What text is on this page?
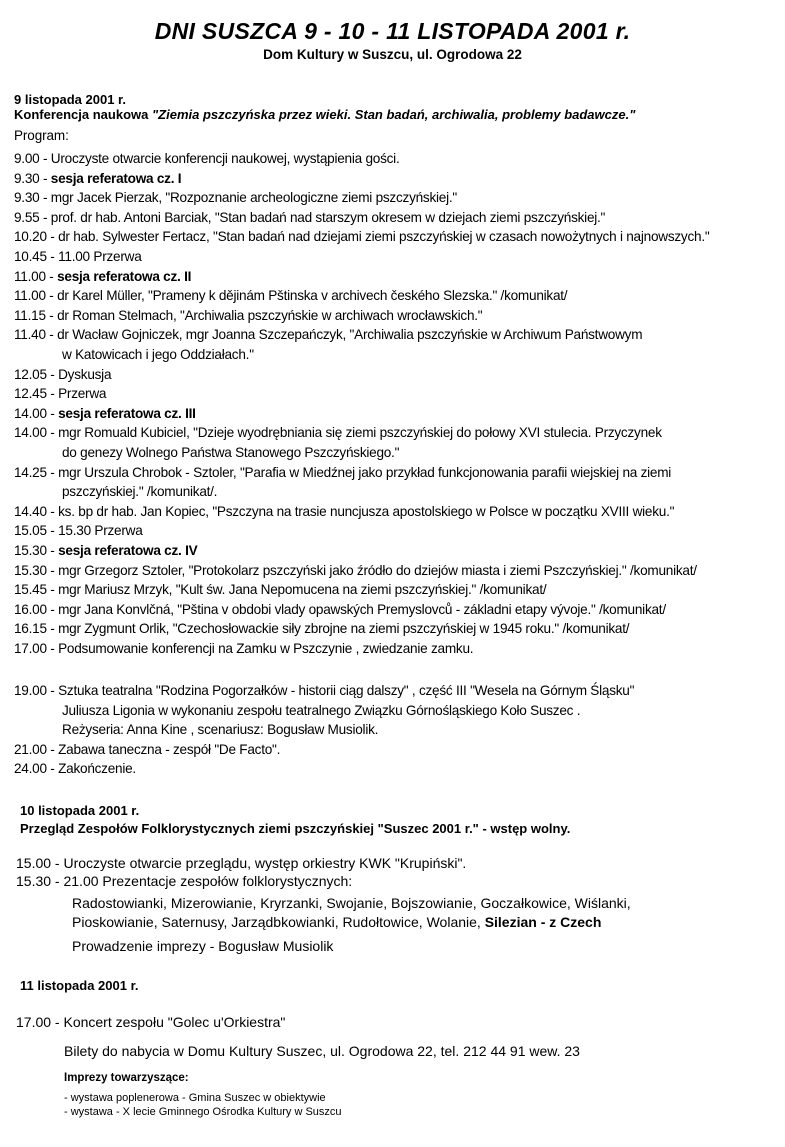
DNI SUSZCA 9 - 10 - 11 LISTOPADA 2001 r.
Dom Kultury w Suszcu, ul. Ogrodowa 22
9 listopada 2001 r.
Konferencja naukowa "Ziemia pszczyńska przez wieki. Stan badań, archiwalia, problemy badawcze."
Program:
9.00 - Uroczyste otwarcie konferencji naukowej, wystąpienia gości.
9.30 - sesja referatowa cz. I
9.30 - mgr Jacek Pierzak, "Rozpoznanie archeologiczne ziemi pszczyńskiej."
9.55 - prof. dr hab. Antoni Barciak, "Stan badań nad starszym okresem w dziejach ziemi pszczyńskiej."
10.20 - dr hab. Sylwester Fertacz, "Stan badań nad dziejami ziemi pszczyńskiej w czasach nowożytnych i najnowszych."
10.45 - 11.00 Przerwa
11.00 - sesja referatowa cz. II
11.00 - dr Karel Müller, "Prameny k dějinám Pštinska v archivech českého Slezska." /komunikat/
11.15 - dr Roman Stelmach, "Archiwalia pszczyńskie w archiwach wrocławskich."
11.40 - dr Wacław Gojniczek, mgr Joanna Szczepańczyk, "Archiwalia pszczyńskie w Archiwum Państwowym
w Katowicach i jego Oddziałach."
12.05 - Dyskusja
12.45 - Przerwa
14.00 - sesja referatowa cz. III
14.00 - mgr Romuald Kubiciel, "Dzieje wyodrębniania się ziemi pszczyńskiej do połowy XVI stulecia. Przyczynek
do genezy Wolnego Państwa Stanowego Pszczyńskiego."
14.25 - mgr Urszula Chrobok - Sztoler, "Parafia w Miedźnej jako przykład funkcjonowania parafii wiejskiej na ziemi
pszczyńskiej." /komunikat/.
14.40 - ks. bp dr hab. Jan Kopiec, "Pszczyna na trasie nuncjusza apostolskiego w Polsce w początku XVIII wieku."
15.05 - 15.30 Przerwa
15.30 - sesja referatowa cz. IV
15.30 - mgr Grzegorz Sztoler, "Protokolarz pszczyński jako źródło do dziejów miasta i ziemi Pszczyńskiej." /komunikat/
15.45 - mgr Mariusz Mrzyk, "Kult św. Jana Nepomucena na ziemi pszczyńskiej." /komunikat/
16.00 - mgr Jana Konvlčná, "Pština v obdobi vlady opawských Premyslovců - základni etapy vývoje." /komunikat/
16.15 - mgr Zygmunt Orlik, "Czechosłowackie siły zbrojne na ziemi pszczyńskiej w 1945 roku." /komunikat/
17.00 - Podsumowanie konferencji na Zamku w Pszczynie , zwiedzanie zamku.
19.00 - Sztuka teatralna "Rodzina Pogorzałków - historii ciąg dalszy" , część III "Wesela na Górnym Śląsku"
Juliusza Ligonia w wykonaniu zespołu teatralnego Związku Górnośląskiego Koło Suszec .
Reżyseria: Anna Kine , scenariusz: Bogusław Musiolik.
21.00 - Zabawa taneczna - zespół "De Facto".
24.00 - Zakończenie.
10 listopada 2001 r.
Przegląd Zespołów Folklorystycznych ziemi pszczyńskiej "Suszec 2001 r." - wstęp wolny.
15.00 - Uroczyste otwarcie przeglądu, występ orkiestry KWK "Krupiński".
15.30 - 21.00 Prezentacje zespołów folklorystycznych:
Radostowianki, Mizerowianie, Kryrzanki, Swojanie, Bojszowianie, Goczałkowice, Wiślanki,
Pioskowianie, Saternusy, Jarządbkowianki, Rudołtowice, Wolanie, Silezian - z Czech
Prowadzenie imprezy - Bogusław Musiolik
11 listopada 2001 r.
17.00 - Koncert zespołu "Golec u'Orkiestra"
Bilety do nabycia w Domu Kultury Suszec, ul. Ogrodowa 22, tel. 212 44 91 wew. 23
Imprezy towarzyszące:
- wystawa poplenerowa - Gmina Suszec w obiektywie
- wystawa - X lecie Gminnego Ośrodka Kultury w Suszcu
